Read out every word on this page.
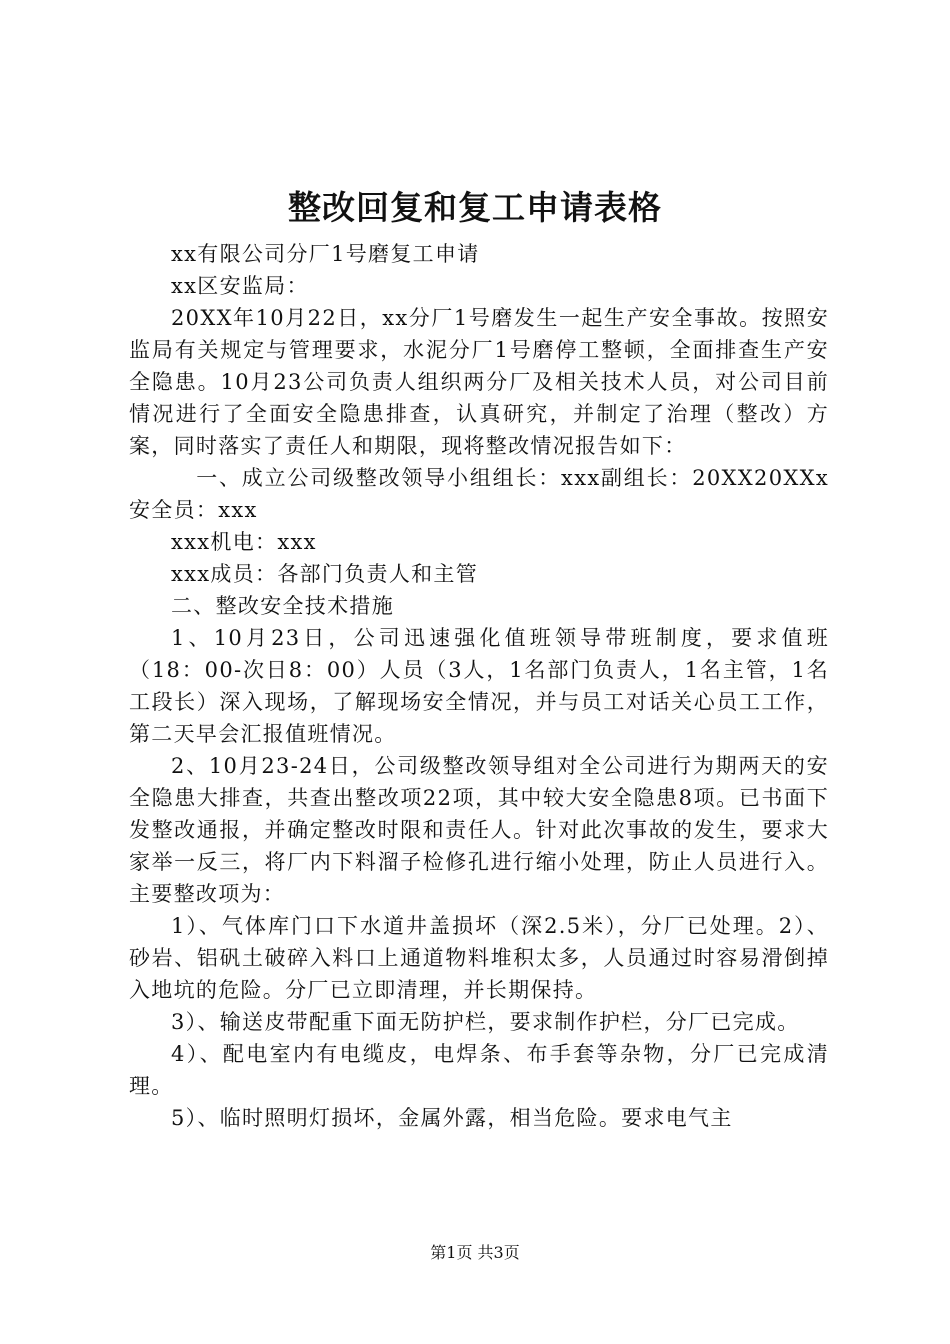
整改回复和复工申请表格

xx有限公司分厂1号磨复工申请

xx区安监局：

20XX年10月22日，xx分厂1号磨发生一起生产安全事故。按照安监局有关规定与管理要求，水泥分厂1号磨停工整顿，全面排查生产安全隐患。10月23公司负责人组织两分厂及相关技术人员，对公司目前情况进行了全面安全隐患排查，认真研究，并制定了治理（整改）方案，同时落实了责任人和期限，现将整改情况报告如下：

一、成立公司级整改领导小组组长：xxx副组长：20XX20XXx安全员：xxx

xxx机电：xxx

xxx成员：各部门负责人和主管

二、整改安全技术措施

1、10月23日，公司迅速强化值班领导带班制度，要求值班（18：00-次日8：00）人员（3人，1名部门负责人，1名主管，1名工段长）深入现场，了解现场安全情况，并与员工对话关心员工工作，第二天早会汇报值班情况。

2、10月23-24日，公司级整改领导组对全公司进行为期两天的安全隐患大排查，共查出整改项22项，其中较大安全隐患8项。已书面下发整改通报，并确定整改时限和责任人。针对此次事故的发生，要求大家举一反三，将厂内下料溜子检修孔进行缩小处理，防止人员进行入。主要整改项为：

1）、气体库门口下水道井盖损坏（深2.5米），分厂已处理。2）、砂岩、铝矾土破碎入料口上通道物料堆积太多，人员通过时容易滑倒掉入地坑的危险。分厂已立即清理，并长期保持。

3）、输送皮带配重下面无防护栏，要求制作护栏，分厂已完成。

4）、配电室内有电缆皮，电焊条、布手套等杂物，分厂已完成清理。

5）、临时照明灯损坏，金属外露，相当危险。要求电气主

第1页 共3页
